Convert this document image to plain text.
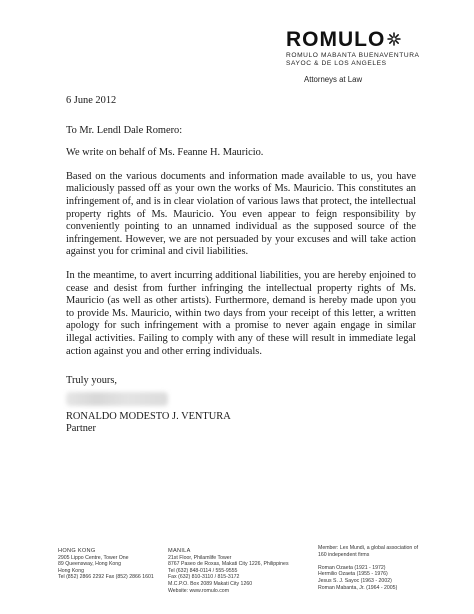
ROMULO
ROMULO MABANTA BUENAVENTURA
SAYOC & DE LOS ANGELES
Attorneys at Law

6 June 2012

To Mr. Lendl Dale Romero:

We write on behalf of Ms. Feanne H. Mauricio.

Based on the various documents and information made available to us, you have maliciously passed off as your own the works of Ms. Mauricio. This constitutes an infringement of, and is in clear violation of various laws that protect, the intellectual property rights of Ms. Mauricio. You even appear to feign responsibility by conveniently pointing to an unnamed individual as the supposed source of the infringement. However, we are not persuaded by your excuses and will take action against you for criminal and civil liabilities.

In the meantime, to avert incurring additional liabilities, you are hereby enjoined to cease and desist from further infringing the intellectual property rights of Ms. Mauricio (as well as other artists). Furthermore, demand is hereby made upon you to provide Ms. Mauricio, within two days from your receipt of this letter, a written apology for such infringement with a promise to never again engage in similar illegal activities. Failing to comply with any of these will result in immediate legal action against you and other erring individuals.

Truly yours,

RONALDO MODESTO J. VENTURA

Partner

HONG KONG
2905 Lippo Centre, Tower One
89 Queensway, Hong Kong
Hong Kong
Tel (852) 2866 2292 Fax (852) 2866 1601
MANILA
21st Floor, Philamlife Tower
8767 Paseo de Roxas, Makati City 1226, Philippines
Tel (632) 848-0114 / 555-9555
Fax (632) 810-3110 / 815-3172
M.C.P.O. Box 2089 Makati City 1260
Website: www.romulo.com
Member: Lex Mundi, a global association of
160 independent firms

Roman Ozaeta (1921 - 1972)
Hermilio Ozaeta (1955 - 1976)
Jesus S. J. Sayoc (1963 - 2002)
Roman Mabanta, Jr. (1964 - 2005)
